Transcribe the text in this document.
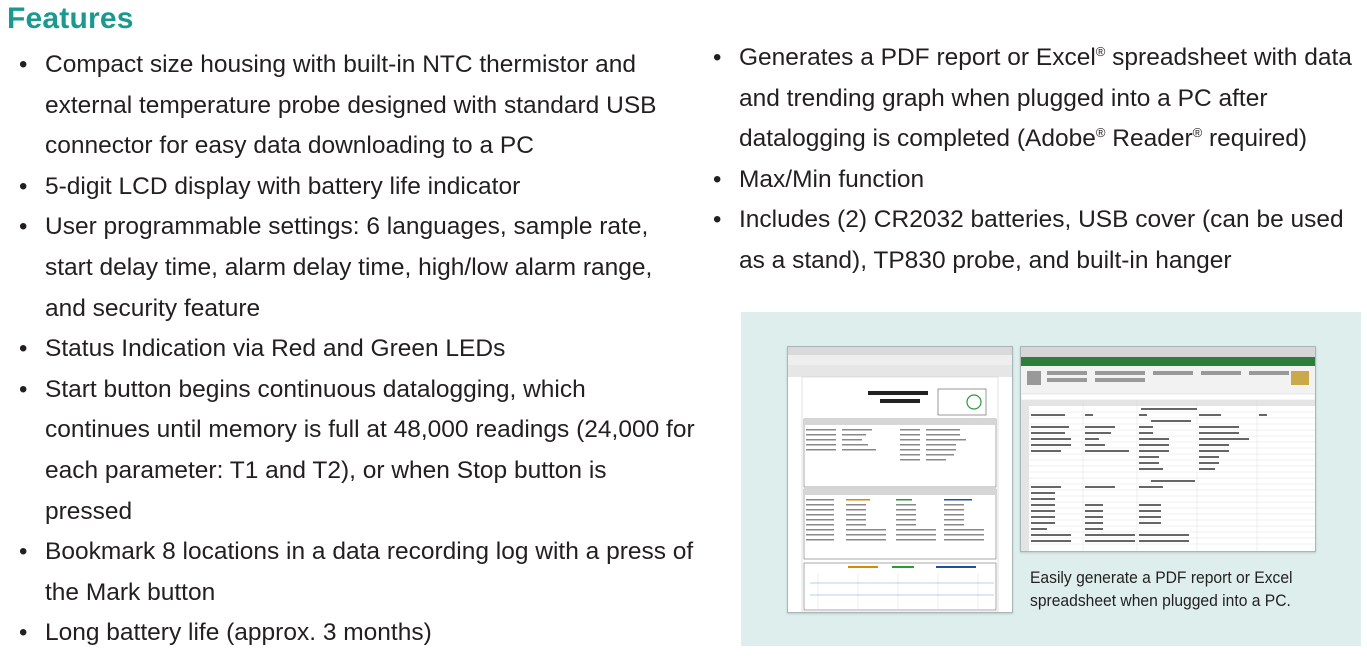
Features
• Compact size housing with built-in NTC thermistor and external temperature probe designed with standard USB connector for easy data downloading to a PC
• 5-digit LCD display with battery life indicator
• User programmable settings: 6 languages, sample rate, start delay time, alarm delay time, high/low alarm range, and security feature
• Status Indication via Red and Green LEDs
• Start button begins continuous datalogging, which continues until memory is full at 48,000 readings (24,000 for each parameter: T1 and T2), or when Stop button is pressed
• Bookmark 8 locations in a data recording log with a press of the Mark button
• Long battery life (approx. 3 months)
• Generates a PDF report or Excel® spreadsheet with data and trending graph when plugged into a PC after datalogging is completed (Adobe® Reader® required)
• Max/Min function
• Includes (2) CR2032 batteries, USB cover (can be used as a stand), TP830 probe, and built-in hanger

Easily generate a PDF report or Excel
spreadsheet when plugged into a PC.
